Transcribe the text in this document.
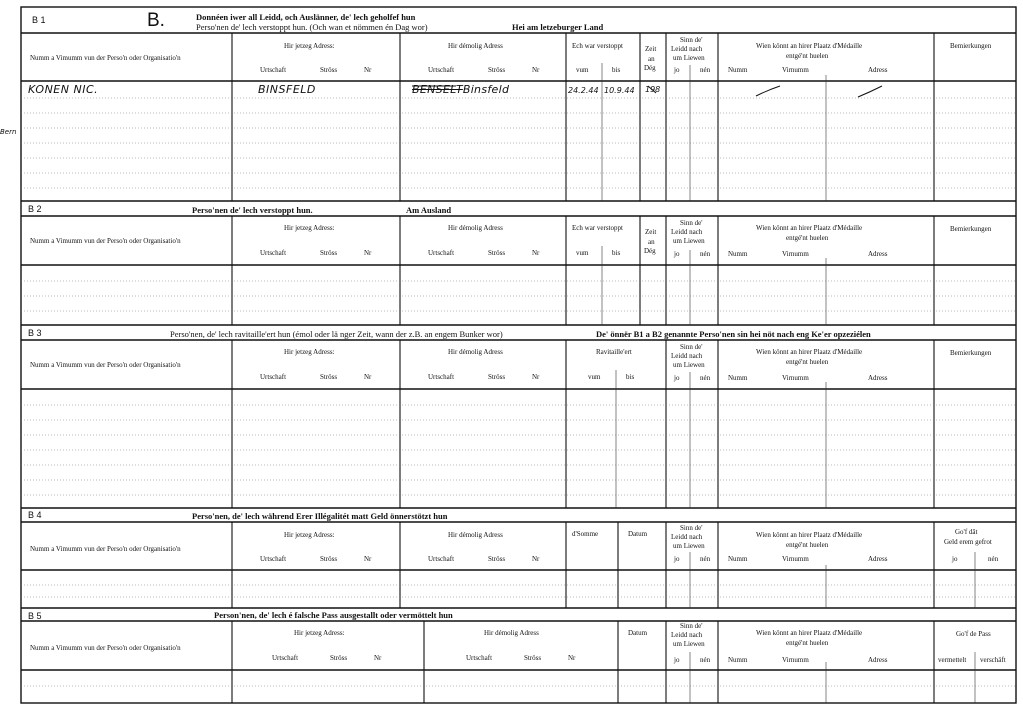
B 1	B.	Donnéen iwer all Leidd, och Auslänner, de' lech geholfef hun
Perso'nen de' lech verstoppt hun. (Och wan et nömmen én Dag wor)	Hei am letzeburger Land
B 2	Perso'nen de' lech verstoppt hun.	Am Ausland
B 3	Perso'nen, de' lech ravitaille'ert hun (émol oder lä nger Zeit, wann der z.B. an engem Bunker wor)	De' önnër B1 a B2 genannte Perso'nen sin hei nöt nach eng Ke'er opzeziélen
B 4	Perso'nen, de' lech während Erer Illégalitét matt Geld önnerstötzt hun
B 5	Person'nen, de' lech é falsche Pass ausgestallt oder vermöttelt hun
Numm a Vimumm vun der Perso'n oder Organisatio'n
Hir jetzeg Adress:
Urtschaft	Ströss	Nr
Hir démolig Adress
Urtschaft	Ströss	Nr
Ech war verstoppt
vum	bis
Zeit
an
Dég
Sinn de'
Leidd nach
um Liewen
jo	nén
Wien könnt an hirer Plaatz d'Médaille
entgé'nt huelen
Numm	Virnumm	Adress
Bemierkungen
KONEN NIC.	BINSFELD	BENSELTBinsfeld	24.2.44 10.9.44 198
Bern
Numm a Vimumm vun der Perso'n oder Organisatio'n
Hir jetzeg Adress:
Urtschaft	Ströss	Nr
Hir démolig Adress
Urtschaft	Ströss	Nr
Ech war verstoppt
vum	bis
Zeit
an
Dég
Sinn de'
Leidd nach
um Liewen
jo	nén
Wien könnt an hirer Plaatz d'Médaille
entgé'nt huelen
Numm	Virnumm	Adress
Bemierkungen
Numm a Vimumm vun der Perso'n oder Organisatio'n
Hir jetzeg Adress:
Urtschaft	Ströss	Nr
Hir démolig Adress
Urtschaft	Ströss	Nr
Ravitaille'ert
vum	bis
Sinn de'
Leidd nach
um Liewen
jo	nén
Wien könnt an hirer Plaatz d'Médaille
entgé'nt huelen
Numm	Virnumm	Adress
Bemierkungen
Numm a Vimumm vun der Perso'n oder Organisatio'n
Hir jetzeg Adress:
Urtschaft	Ströss	Nr
Hir démolig Adress
Urtschaft	Ströss	Nr
d'Somme	Datum
Sinn de'
Leidd nach
um Liewen
jo	nén
Wien könnt an hirer Plaatz d'Médaille
entgé'nt huelen
Numm	Virnumm	Adress
Go'f dât
Geld erem gefrot
jo	nén
Numm a Vimumm vun der Perso'n oder Organisatio'n
Hir jetzeg Adress:
Urtschaft	Ströss	Nr
Hir démolig Adress
Urtschaft	Ströss	Nr
Datum
Sinn de'
Leidd nach
um Liewen
jo	nén
Wien könnt an hirer Plaatz d'Médaille
entgé'nt huelen
Numm	Virnumm	Adress
Go'f de Pass
vermettelt verschäft
